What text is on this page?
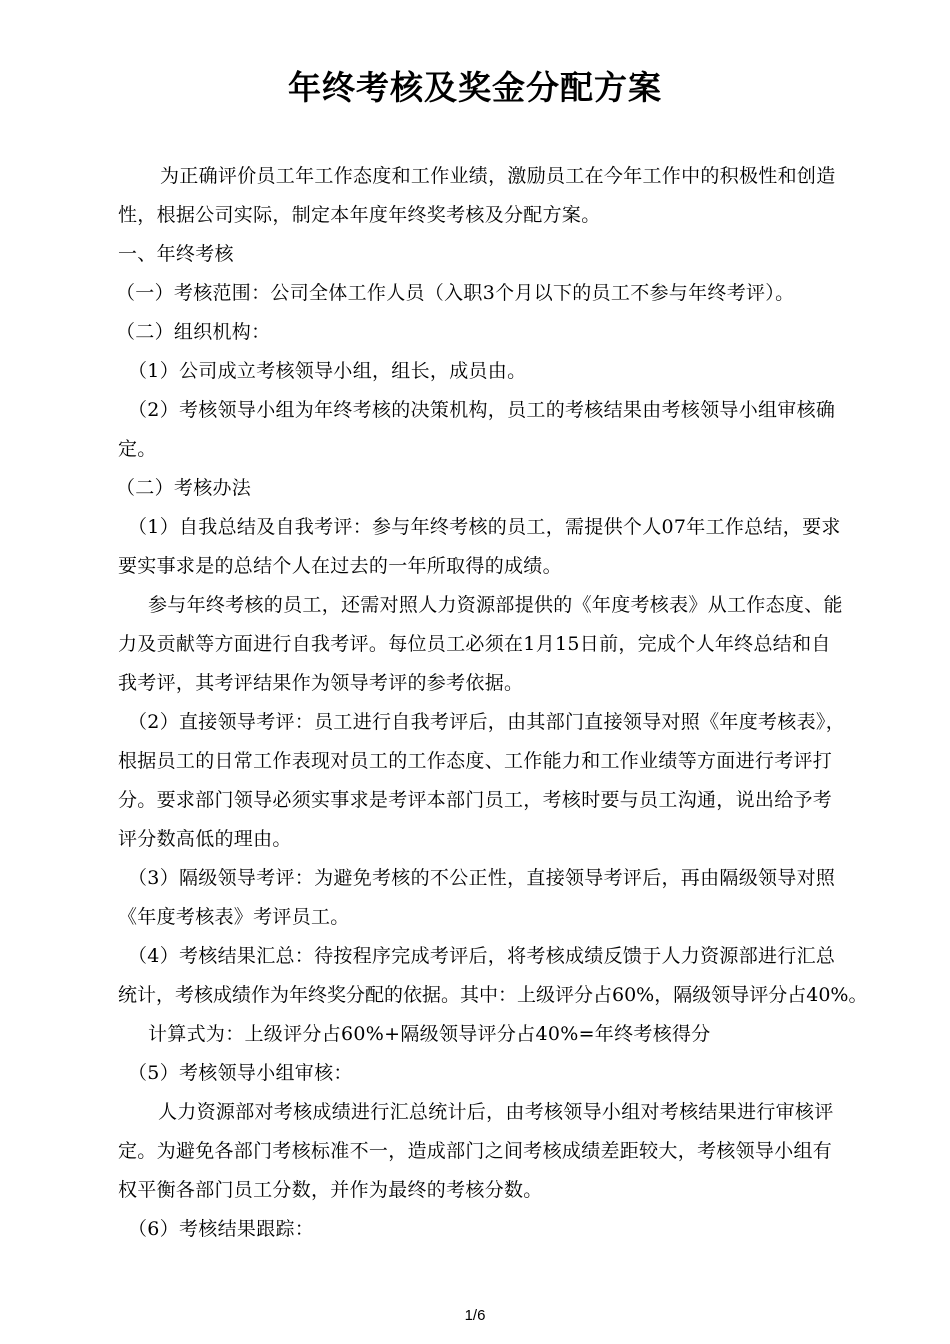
年终考核及奖金分配方案
为正确评价员工年工作态度和工作业绩，激励员工在今年工作中的积极性和创造
性，根据公司实际，制定本年度年终奖考核及分配方案。
一、年终考核
（一）考核范围：公司全体工作人员（入职3个月以下的员工不参与年终考评）。
（二）组织机构：
（1）公司成立考核领导小组，组长，成员由。
（2）考核领导小组为年终考核的决策机构，员工的考核结果由考核领导小组审核确
定。
（二）考核办法
（1）自我总结及自我考评：参与年终考核的员工，需提供个人07年工作总结，要求
要实事求是的总结个人在过去的一年所取得的成绩。
参与年终考核的员工，还需对照人力资源部提供的《年度考核表》从工作态度、能
力及贡献等方面进行自我考评。每位员工必须在1月15日前，完成个人年终总结和自
我考评，其考评结果作为领导考评的参考依据。
（2）直接领导考评：员工进行自我考评后，由其部门直接领导对照《年度考核表》，
根据员工的日常工作表现对员工的工作态度、工作能力和工作业绩等方面进行考评打
分。要求部门领导必须实事求是考评本部门员工，考核时要与员工沟通，说出给予考
评分数高低的理由。
（3）隔级领导考评：为避免考核的不公正性，直接领导考评后，再由隔级领导对照
《年度考核表》考评员工。
（4）考核结果汇总：待按程序完成考评后，将考核成绩反馈于人力资源部进行汇总
统计，考核成绩作为年终奖分配的依据。其中：上级评分占60%，隔级领导评分占40%。
计算式为：上级评分占60%+隔级领导评分占40%=年终考核得分
（5）考核领导小组审核：
人力资源部对考核成绩进行汇总统计后，由考核领导小组对考核结果进行审核评
定。为避免各部门考核标准不一，造成部门之间考核成绩差距较大，考核领导小组有
权平衡各部门员工分数，并作为最终的考核分数。
（6）考核结果跟踪：
1/6
